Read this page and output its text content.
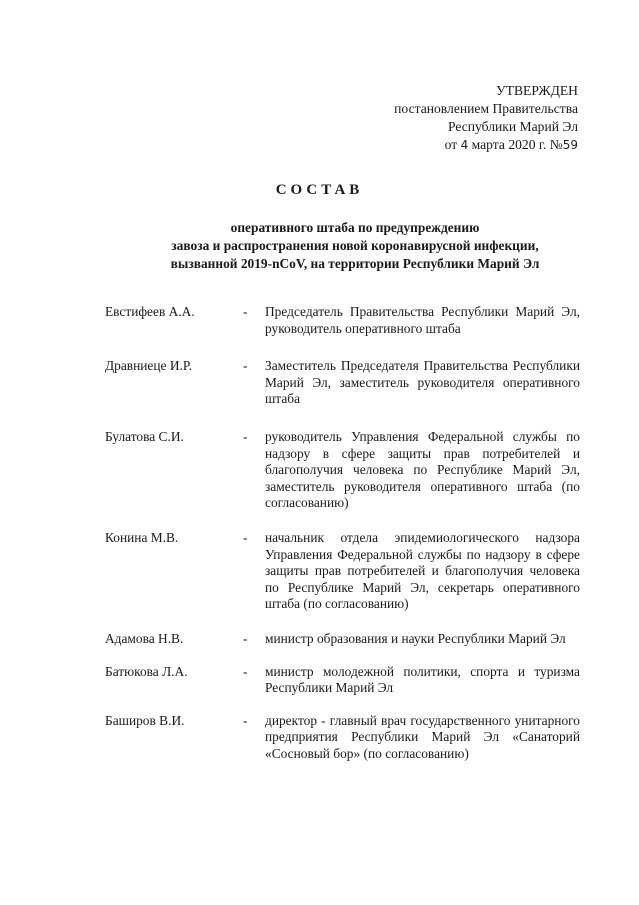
УТВЕРЖДЕН
постановлением Правительства
Республики Марий Эл
от 4 марта 2020 г. №59
СОСТАВ
оперативного штаба по предупреждению
завоза и распространения новой коронавирусной инфекции,
вызванной 2019-nCoV, на территории Республики Марий Эл
Евстифеев А.А.	-	Председатель Правительства Республики Марий Эл, руководитель оперативного штаба
Дравниеце И.Р.	-	Заместитель Председателя Правительства Республики Марий Эл, заместитель руководителя оперативного штаба
Булатова С.И.	-	руководитель Управления Федеральной службы по надзору в сфере защиты прав потребителей и благополучия человека по Республике Марий Эл, заместитель руководителя оперативного штаба (по согласованию)
Конина М.В.	-	начальник отдела эпидемиологического надзора Управления Федеральной службы по надзору в сфере защиты прав потребителей и благополучия человека по Республике Марий Эл, секретарь оперативного штаба (по согласованию)
Адамова Н.В.	-	министр образования и науки Республики Марий Эл
Батюкова Л.А.	-	министр молодежной политики, спорта и туризма Республики Марий Эл
Баширов В.И.	-	директор - главный врач государственного унитарного предприятия Республики Марий Эл «Санаторий «Сосновый бор» (по согласованию)
